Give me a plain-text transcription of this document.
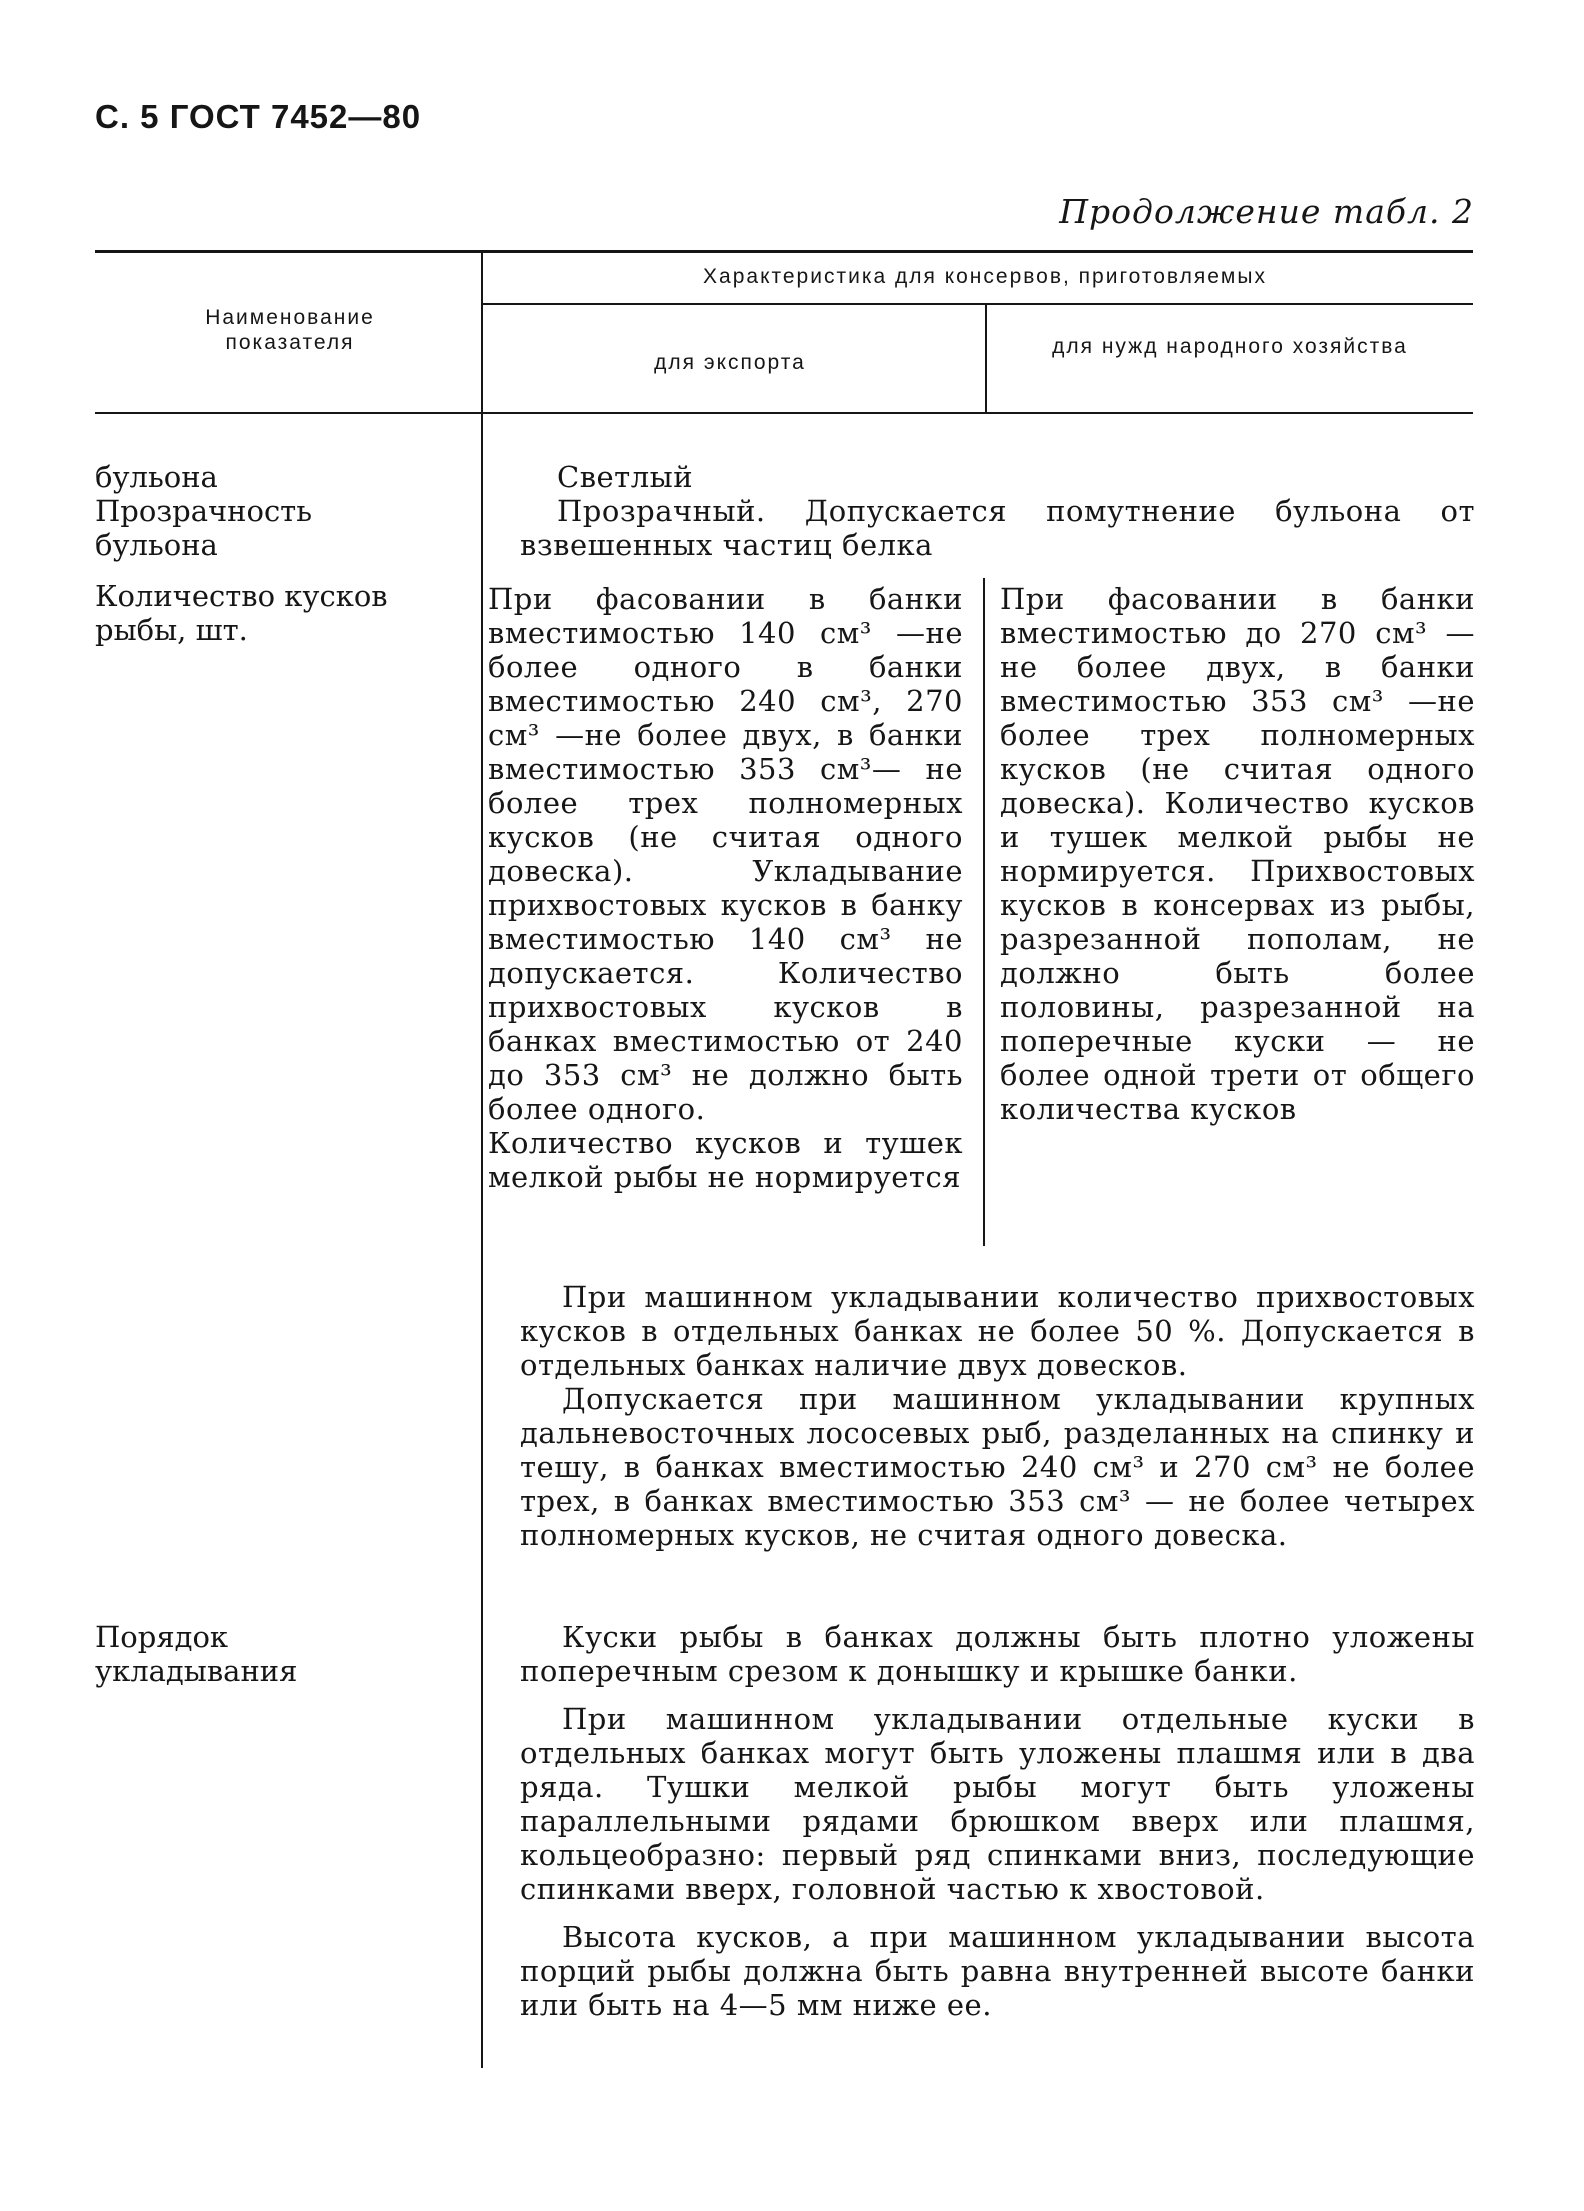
С. 5 ГОСТ 7452—80
Продолжение табл. 2
Наименование показателя
Характеристика для консервов, приготовляемых
для экспорта
для нужд народного хозяйства
бульона
Прозрачность бульона
Количество кусков рыбы, шт.
Порядок укладывания
Светлый
Прозрачный. Допускается помутнение бульона от взвешенных частиц белка

При фасовании в банки вместимостью 140 см³ —не более одного в банки вместимостью 240 см³, 270 см³ —не более двух, в банки вместимостью 353 см³— не более трех полномерных кусков (не считая одного довеска). Укладывание прихвостовых кусков в банку вместимостью 140 см³ не допускается. Количество прихвостовых кусков в банках вместимостью от 240 до 353 см³ не должно быть более одного.

Количество кусков и тушек мелкой рыбы не нормируется

При фасовании в банки вместимостью до 270 см³ — не более двух, в банки вместимостью 353 см³ —не более трех полномерных кусков (не считая одного довеска). Количество кусков и тушек мелкой рыбы не нормируется. Прихвостовых кусков в консервах из рыбы, разрезанной пополам, не должно быть более половины, разрезанной на поперечные куски — не более одной трети от общего количества кусков

При машинном укладывании количество прихвостовых кусков в отдельных банках не более 50 %. Допускается в отдельных банках наличие двух довесков.

Допускается при машинном укладывании крупных дальневосточных лососевых рыб, разделанных на спинку и тешу, в банках вместимостью 240 см³ и 270 см³ не более трех, в банках вместимостью 353 см³ — не более четырех полномерных кусков, не считая одного довеска.

Куски рыбы в банках должны быть плотно уложены поперечным срезом к донышку и крышке банки.

При машинном укладывании отдельные куски в отдельных банках могут быть уложены плашмя или в два ряда. Тушки мелкой рыбы могут быть уложены параллельными рядами брюшком вверх или плашмя, кольцеобразно: первый ряд спинками вниз, последующие спинками вверх, головной частью к хвостовой.

Высота кусков, а при машинном укладывании высота порций рыбы должна быть равна внутренней высоте банки или быть на 4—5 мм ниже ее.
